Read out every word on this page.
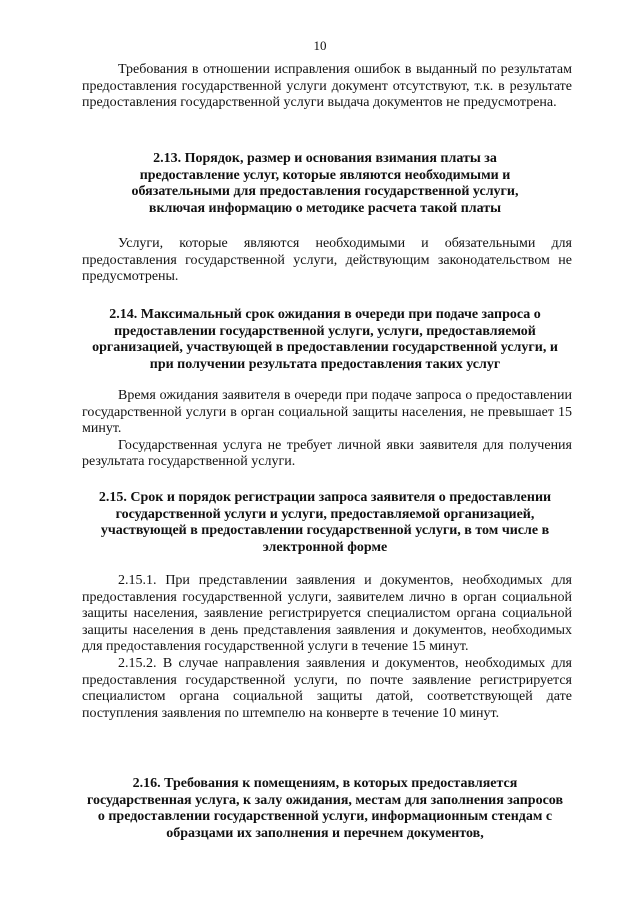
10

Требования в отношении исправления ошибок в выданный по результатам предоставления государственной услуги документ отсутствуют, т.к. в результате предоставления государственной услуги выдача документов не предусмотрена.

2.13. Порядок, размер и основания взимания платы за предоставление услуг, которые являются необходимыми и обязательными для предоставления государственной услуги, включая информацию о методике расчета такой платы

Услуги, которые являются необходимыми и обязательными для предоставления государственной услуги, действующим законодательством не предусмотрены.

2.14. Максимальный срок ожидания в очереди при подаче запроса о предоставлении государственной услуги, услуги, предоставляемой организацией, участвующей в предоставлении государственной услуги, и при получении результата предоставления таких услуг

Время ожидания заявителя в очереди при подаче запроса о предоставлении государственной услуги в орган социальной защиты населения, не превышает 15 минут.

Государственная услуга не требует личной явки заявителя для получения результата государственной услуги.

2.15. Срок и порядок регистрации запроса заявителя о предоставлении государственной услуги и услуги, предоставляемой организацией, участвующей в предоставлении государственной услуги, в том числе в электронной форме

2.15.1. При представлении заявления и документов, необходимых для предоставления государственной услуги, заявителем лично в орган социальной защиты населения, заявление регистрируется специалистом органа социальной защиты населения в день представления заявления и документов, необходимых для предоставления государственной услуги в течение 15 минут.

2.15.2. В случае направления заявления и документов, необходимых для предоставления государственной услуги, по почте заявление регистрируется специалистом органа социальной защиты датой, соответствующей дате поступления заявления по штемпелю на конверте в течение 10 минут.

2.16. Требования к помещениям, в которых предоставляется государственная услуга, к залу ожидания, местам для заполнения запросов о предоставлении государственной услуги, информационным стендам с образцами их заполнения и перечнем документов,
